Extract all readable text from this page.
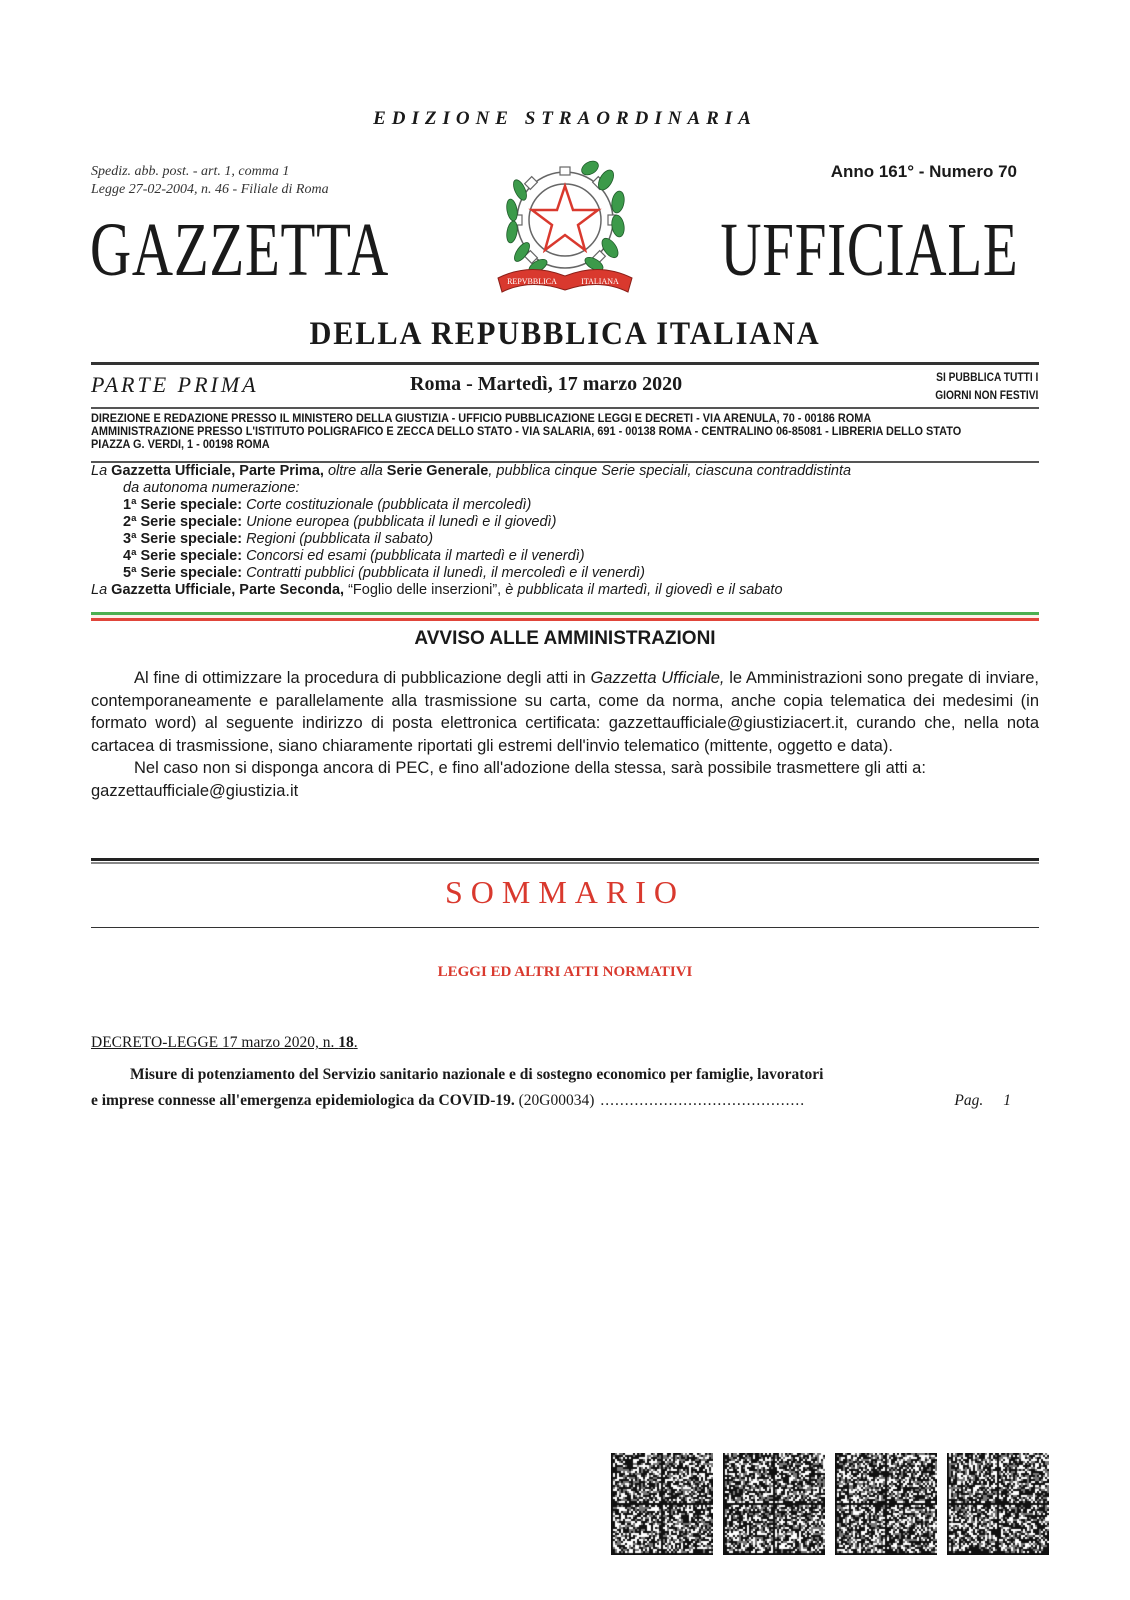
EDIZIONE STRAORDINARIA
Spediz. abb. post. - art. 1, comma 1
Legge 27-02-2004, n. 46 - Filiale di Roma
Anno 161° - Numero 70
GAZZETTA	UFFICIALE
REPVBBLICA	ITALIANA
DELLA REPUBBLICA ITALIANA
PARTE PRIMA	Roma - Martedì, 17 marzo 2020	SI PUBBLICA TUTTI I
GIORNI NON FESTIVI
DIREZIONE E REDAZIONE PRESSO IL MINISTERO DELLA GIUSTIZIA - UFFICIO PUBBLICAZIONE LEGGI E DECRETI - VIA ARENULA, 70 - 00186 ROMA
AMMINISTRAZIONE PRESSO L'ISTITUTO POLIGRAFICO E ZECCA DELLO STATO - VIA SALARIA, 691 - 00138 ROMA - CENTRALINO 06-85081 - LIBRERIA DELLO STATO
PIAZZA G. VERDI, 1 - 00198 ROMA
La Gazzetta Ufficiale, Parte Prima, oltre alla Serie Generale, pubblica cinque Serie speciali, ciascuna contraddistinta
da autonoma numerazione:
1ª Serie speciale: Corte costituzionale (pubblicata il mercoledì)
2ª Serie speciale: Unione europea (pubblicata il lunedì e il giovedì)
3ª Serie speciale: Regioni (pubblicata il sabato)
4ª Serie speciale: Concorsi ed esami (pubblicata il martedì e il venerdì)
5ª Serie speciale: Contratti pubblici (pubblicata il lunedì, il mercoledì e il venerdì)
La Gazzetta Ufficiale, Parte Seconda, “Foglio delle inserzioni”, è pubblicata il martedì, il giovedì e il sabato
AVVISO ALLE AMMINISTRAZIONI

Al fine di ottimizzare la procedura di pubblicazione degli atti in Gazzetta Ufficiale, le Amministrazioni sono pregate di inviare, contemporaneamente e parallelamente alla trasmissione su carta, come da norma, anche copia telematica dei medesimi (in formato word) al seguente indirizzo di posta elettronica certificata: gazzettaufficiale@giustiziacert.it, curando che, nella nota cartacea di trasmissione, siano chiaramente riportati gli estremi dell'invio telematico (mittente, oggetto e data).

Nel caso non si disponga ancora di PEC, e fino all'adozione della stessa, sarà possibile trasmettere gli atti a:

gazzettaufficiale@giustizia.it

SOMMARIO
LEGGI ED ALTRI ATTI NORMATIVI
DECRETO-LEGGE 17 marzo 2020, n. 18.
Misure di potenziamento del Servizio sanitario nazionale e di sostegno economico per famiglie, lavoratori
e imprese connesse all'emergenza epidemiologica da COVID-19.
(20G00034) ..........................................	Pag. 1
